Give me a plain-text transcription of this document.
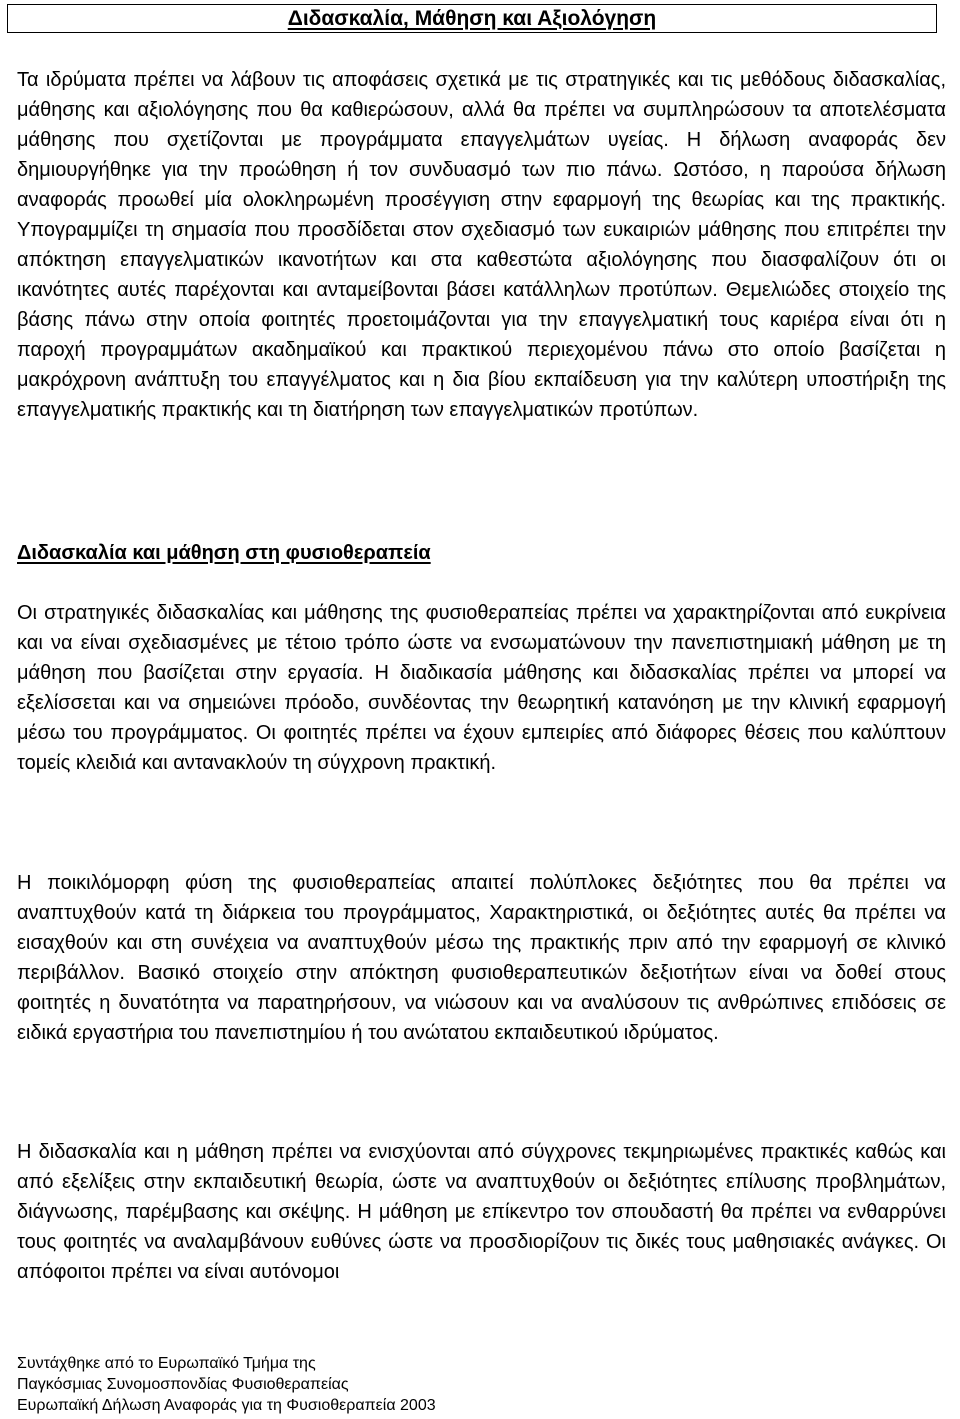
Διδασκαλία, Μάθηση και Αξιολόγηση

Τα ιδρύματα πρέπει να λάβουν τις αποφάσεις σχετικά με τις στρατηγικές και τις μεθόδους διδασκαλίας, μάθησης και αξιολόγησης που θα καθιερώσουν, αλλά θα πρέπει να συμπληρώσουν τα αποτελέσματα μάθησης που σχετίζονται με προγράμματα επαγγελμάτων υγείας. Η δήλωση αναφοράς δεν δημιουργήθηκε για την προώθηση ή τον συνδυασμό των πιο πάνω. Ωστόσο, η παρούσα δήλωση αναφοράς προωθεί μία ολοκληρωμένη προσέγγιση στην εφαρμογή της θεωρίας και της πρακτικής. Υπογραμμίζει τη σημασία που προσδίδεται στον σχεδιασμό των ευκαιριών μάθησης που επιτρέπει την απόκτηση επαγγελματικών ικανοτήτων και στα καθεστώτα αξιολόγησης που διασφαλίζουν ότι οι ικανότητες αυτές παρέχονται και ανταμείβονται βάσει κατάλληλων προτύπων. Θεμελιώδες στοιχείο της βάσης πάνω στην οποία φοιτητές προετοιμάζονται για την επαγγελματική τους καριέρα είναι ότι η παροχή προγραμμάτων ακαδημαϊκού και πρακτικού περιεχομένου πάνω στο οποίο βασίζεται η μακρόχρονη ανάπτυξη του επαγγέλματος και η δια βίου εκπαίδευση για την καλύτερη υποστήριξη της επαγγελματικής πρακτικής και τη διατήρηση των επαγγελματικών προτύπων.

Διδασκαλία και μάθηση στη φυσιοθεραπεία

Οι στρατηγικές διδασκαλίας και μάθησης της φυσιοθεραπείας πρέπει να χαρακτηρίζονται από ευκρίνεια και να είναι σχεδιασμένες με τέτοιο τρόπο ώστε να ενσωματώνουν την πανεπιστημιακή μάθηση με τη μάθηση που βασίζεται στην εργασία. Η διαδικασία μάθησης και διδασκαλίας πρέπει να μπορεί να εξελίσσεται και να σημειώνει πρόοδο, συνδέοντας την θεωρητική κατανόηση με την κλινική εφαρμογή μέσω του προγράμματος. Οι φοιτητές πρέπει να έχουν εμπειρίες από διάφορες θέσεις που καλύπτουν τομείς κλειδιά και αντανακλούν τη σύγχρονη πρακτική.

Η ποικιλόμορφη φύση της φυσιοθεραπείας απαιτεί πολύπλοκες δεξιότητες που θα πρέπει να αναπτυχθούν κατά τη διάρκεια του προγράμματος, Χαρακτηριστικά, οι δεξιότητες αυτές θα πρέπει να εισαχθούν και στη συνέχεια να αναπτυχθούν μέσω της πρακτικής πριν από την εφαρμογή σε κλινικό περιβάλλον. Βασικό στοιχείο στην απόκτηση φυσιοθεραπευτικών δεξιοτήτων είναι να δοθεί στους φοιτητές η δυνατότητα να παρατηρήσουν, να νιώσουν και να αναλύσουν τις ανθρώπινες επιδόσεις σε ειδικά εργαστήρια του πανεπιστημίου ή του ανώτατου εκπαιδευτικού ιδρύματος.

Η διδασκαλία και η μάθηση πρέπει να ενισχύονται από σύγχρονες τεκμηριωμένες πρακτικές καθώς και από εξελίξεις στην εκπαιδευτική θεωρία, ώστε να αναπτυχθούν οι δεξιότητες επίλυσης προβλημάτων, διάγνωσης, παρέμβασης και σκέψης. Η μάθηση με επίκεντρο τον σπουδαστή θα πρέπει να ενθαρρύνει τους φοιτητές να αναλαμβάνουν ευθύνες ώστε να προσδιορίζουν τις δικές τους μαθησιακές ανάγκες. Οι απόφοιτοι πρέπει να είναι αυτόνομοι

Συντάχθηκε από το Ευρωπαϊκό Τμήμα της
Παγκόσμιας Συνομοσπονδίας Φυσιοθεραπείας
Ευρωπαϊκή Δήλωση Αναφοράς για τη Φυσιοθεραπεία 2003
